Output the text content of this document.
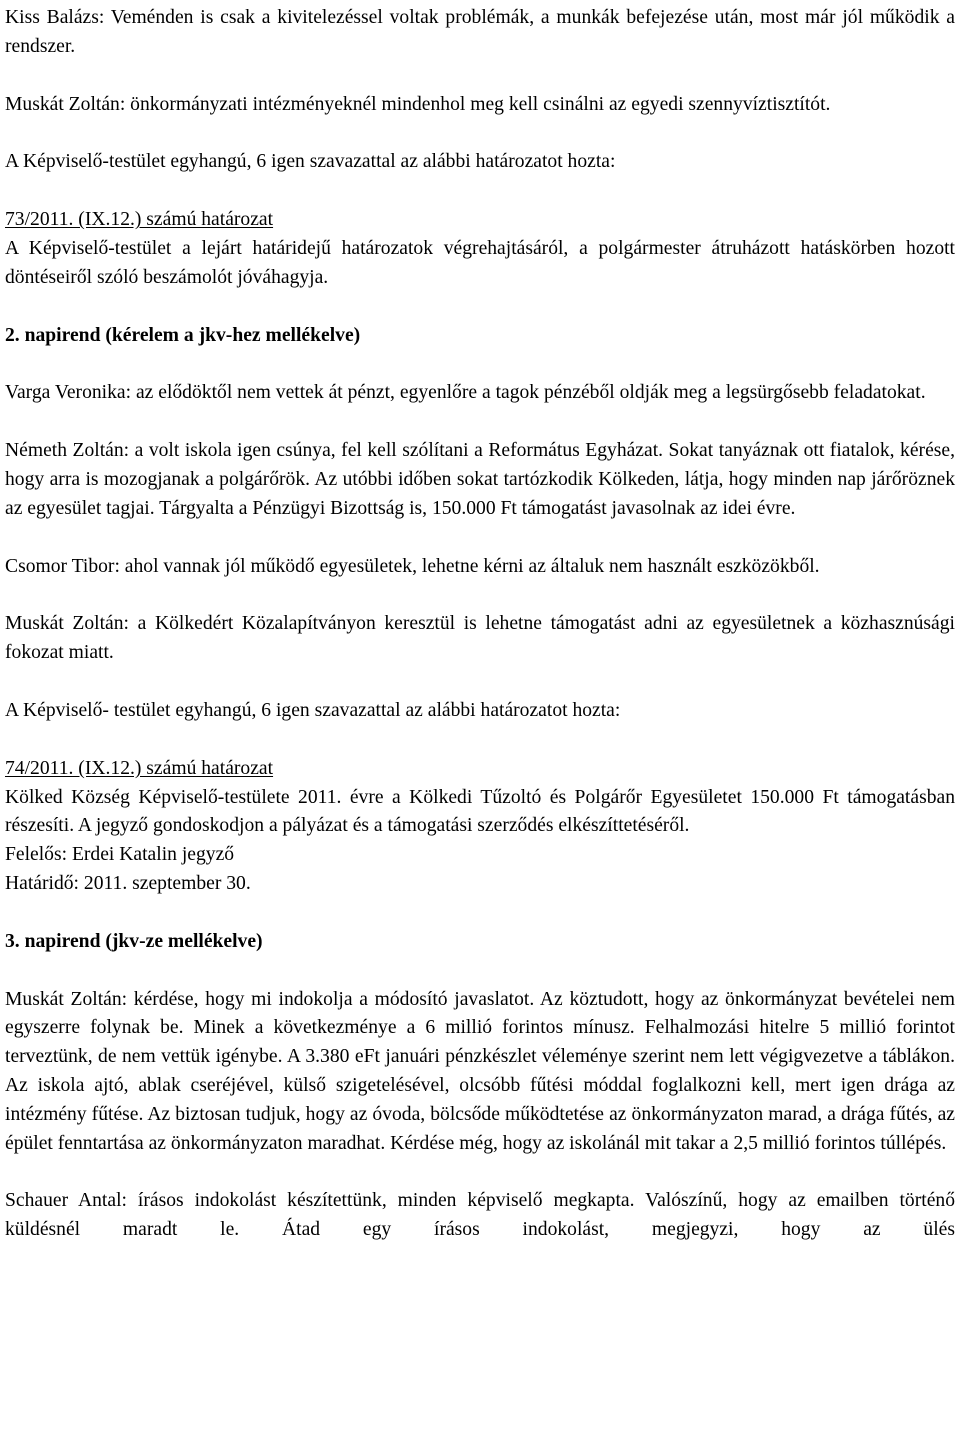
Kiss Balázs: Veménden is csak a kivitelezéssel voltak problémák, a munkák befejezése után, most már jól működik a rendszer.

Muskát Zoltán: önkormányzati intézményeknél mindenhol meg kell csinálni az egyedi szennyvíztisztítót.

A Képviselő-testület egyhangú, 6 igen szavazattal az alábbi határozatot hozta:

73/2011. (IX.12.) számú határozat

A Képviselő-testület a lejárt határidejű határozatok végrehajtásáról, a polgármester átruházott hatáskörben hozott döntéseiről szóló beszámolót jóváhagyja.

2. napirend (kérelem a jkv-hez mellékelve)

Varga Veronika: az elődöktől nem vettek át pénzt, egyenlőre a tagok pénzéből oldják meg a legsürgősebb feladatokat.

Németh Zoltán: a volt iskola igen csúnya, fel kell szólítani a Református Egyházat. Sokat tanyáznak ott fiatalok, kérése, hogy arra is mozogjanak a polgárőrök. Az utóbbi időben sokat tartózkodik Kölkeden, látja, hogy minden nap járőröznek az egyesület tagjai. Tárgyalta a Pénzügyi Bizottság is, 150.000 Ft támogatást javasolnak az idei évre.

Csomor Tibor: ahol vannak jól működő egyesületek, lehetne kérni az általuk nem használt eszközökből.

Muskát Zoltán: a Kölkedért Közalapítványon keresztül is lehetne támogatást adni az egyesületnek a közhasznúsági fokozat miatt.

A Képviselő- testület egyhangú, 6 igen szavazattal az alábbi határozatot hozta:

74/2011. (IX.12.) számú határozat

Kölked Község Képviselő-testülete 2011. évre a Kölkedi Tűzoltó és Polgárőr Egyesületet 150.000 Ft támogatásban részesíti. A jegyző gondoskodjon a pályázat és a támogatási szerződés elkészíttetéséről.

Felelős: Erdei Katalin jegyző

Határidő: 2011. szeptember 30.

3. napirend (jkv-ze mellékelve)

Muskát Zoltán: kérdése, hogy mi indokolja a módosító javaslatot. Az köztudott, hogy az önkormányzat bevételei nem egyszerre folynak be. Minek a következménye a 6 millió forintos mínusz. Felhalmozási hitelre 5 millió forintot terveztünk, de nem vettük igénybe. A 3.380 eFt januári pénzkészlet véleménye szerint nem lett végigvezetve a táblákon. Az iskola ajtó, ablak cseréjével, külső szigetelésével, olcsóbb fűtési móddal foglalkozni kell, mert igen drága az intézmény fűtése. Az biztosan tudjuk, hogy az óvoda, bölcsőde működtetése az önkormányzaton marad, a drága fűtés, az épület fenntartása az önkormányzaton maradhat. Kérdése még, hogy az iskolánál mit takar a 2,5 millió forintos túllépés.

Schauer Antal: írásos indokolást készítettünk, minden képviselő megkapta. Valószínű, hogy az emailben történő küldésnél maradt le. Átad egy írásos indokolást, megjegyzi, hogy az ülés
